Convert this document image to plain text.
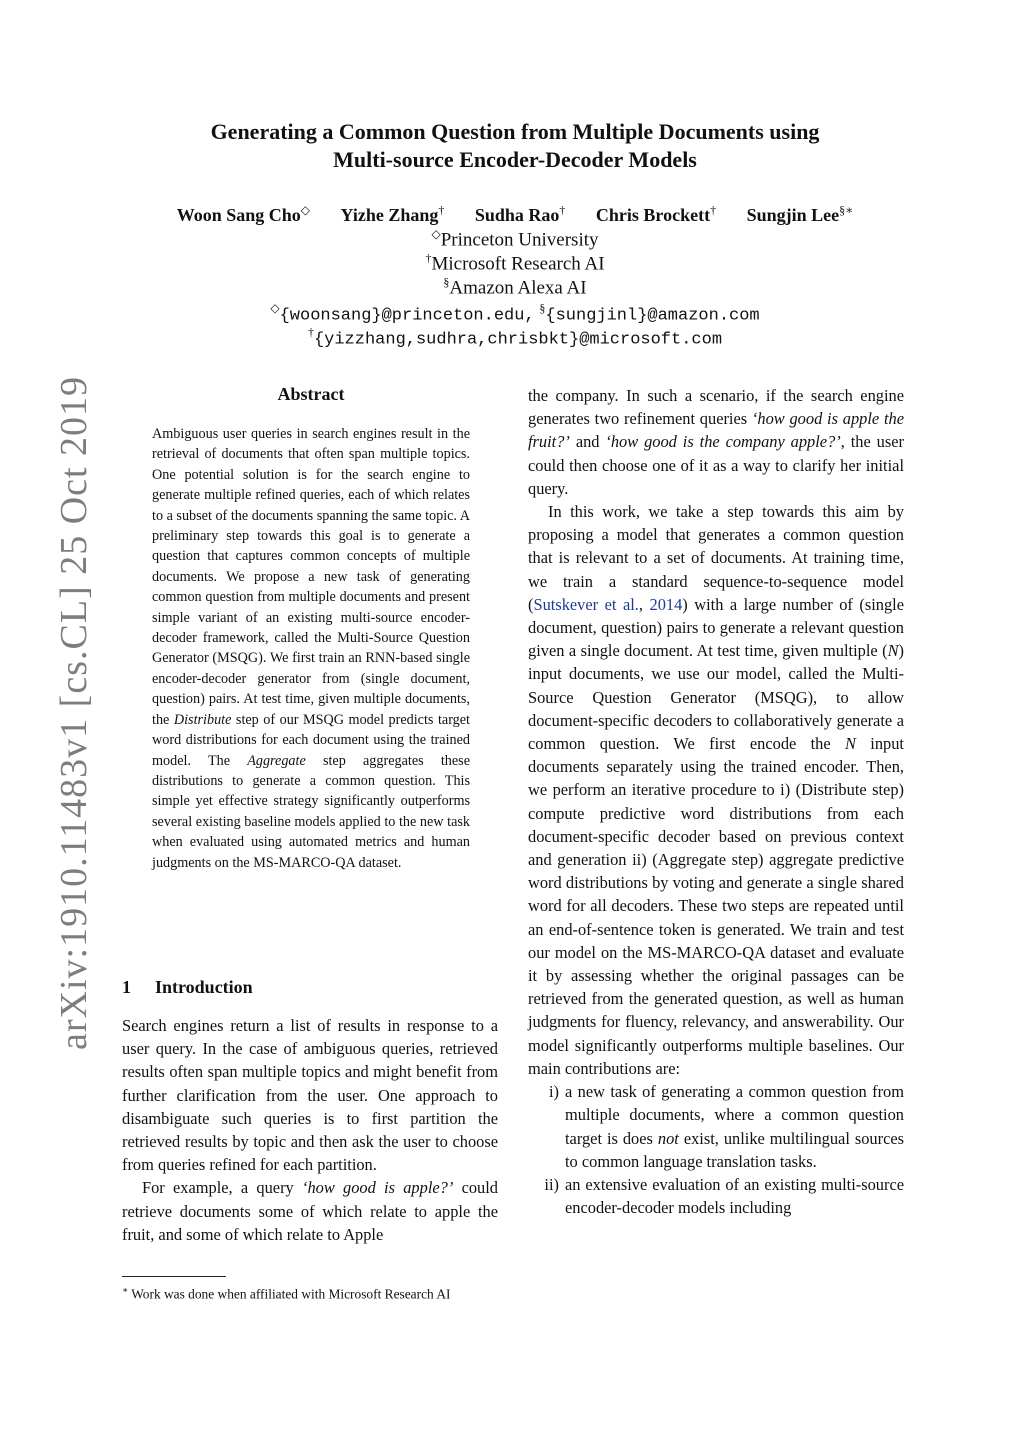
arXiv:1910.11483v1 [cs.CL] 25 Oct 2019
Generating a Common Question from Multiple Documents using
Multi-source Encoder-Decoder Models
Woon Sang Cho◇ Yizhe Zhang† Sudha Rao† Chris Brockett† Sungjin Lee§∗
◇Princeton University
†Microsoft Research AI
§Amazon Alexa AI
◇{woonsang}@princeton.edu, §{sungjinl}@amazon.com
†{yizzhang,sudhra,chrisbkt}@microsoft.com
Abstract

Ambiguous user queries in search engines result in the retrieval of documents that often span multiple topics. One potential solution is for the search engine to generate multiple refined queries, each of which relates to a subset of the documents spanning the same topic. A preliminary step towards this goal is to generate a question that captures common concepts of multiple documents. We propose a new task of generating common question from multiple documents and present simple variant of an existing multi-source encoder-decoder framework, called the Multi-Source Question Generator (MSQG). We first train an RNN-based single encoder-decoder generator from (single document, question) pairs. At test time, given multiple documents, the Distribute step of our MSQG model predicts target word distributions for each document using the trained model. The Aggregate step aggregates these distributions to generate a common question. This simple yet effective strategy significantly outperforms several existing baseline models applied to the new task when evaluated using automated metrics and human judgments on the MS-MARCO-QA dataset.

1 Introduction

Search engines return a list of results in response to a user query. In the case of ambiguous queries, retrieved results often span multiple topics and might benefit from further clarification from the user. One approach to disambiguate such queries is to first partition the retrieved results by topic and then ask the user to choose from queries refined for each partition.

For example, a query ‘how good is apple?’ could retrieve documents some of which relate to apple the fruit, and some of which relate to Apple

∗ Work was done when affiliated with Microsoft Research AI

the company. In such a scenario, if the search engine generates two refinement queries ‘how good is apple the fruit?’ and ‘how good is the company apple?’, the user could then choose one of it as a way to clarify her initial query.

In this work, we take a step towards this aim by proposing a model that generates a common question that is relevant to a set of documents. At training time, we train a standard sequence-to-sequence model (Sutskever et al., 2014) with a large number of (single document, question) pairs to generate a relevant question given a single document. At test time, given multiple (N) input documents, we use our model, called the Multi-Source Question Generator (MSQG), to allow document-specific decoders to collaboratively generate a common question. We first encode the N input documents separately using the trained encoder. Then, we perform an iterative procedure to i) (Distribute step) compute predictive word distributions from each document-specific decoder based on previous context and generation ii) (Aggregate step) aggregate predictive word distributions by voting and generate a single shared word for all decoders. These two steps are repeated until an end-of-sentence token is generated. We train and test our model on the MS-MARCO-QA dataset and evaluate it by assessing whether the original passages can be retrieved from the generated question, as well as human judgments for fluency, relevancy, and answerability. Our model significantly outperforms multiple baselines. Our main contributions are:

i) a new task of generating a common question from multiple documents, where a common question target is does not exist, unlike multilingual sources to common language translation tasks.
ii) an extensive evaluation of an existing multi-source encoder-decoder models including
